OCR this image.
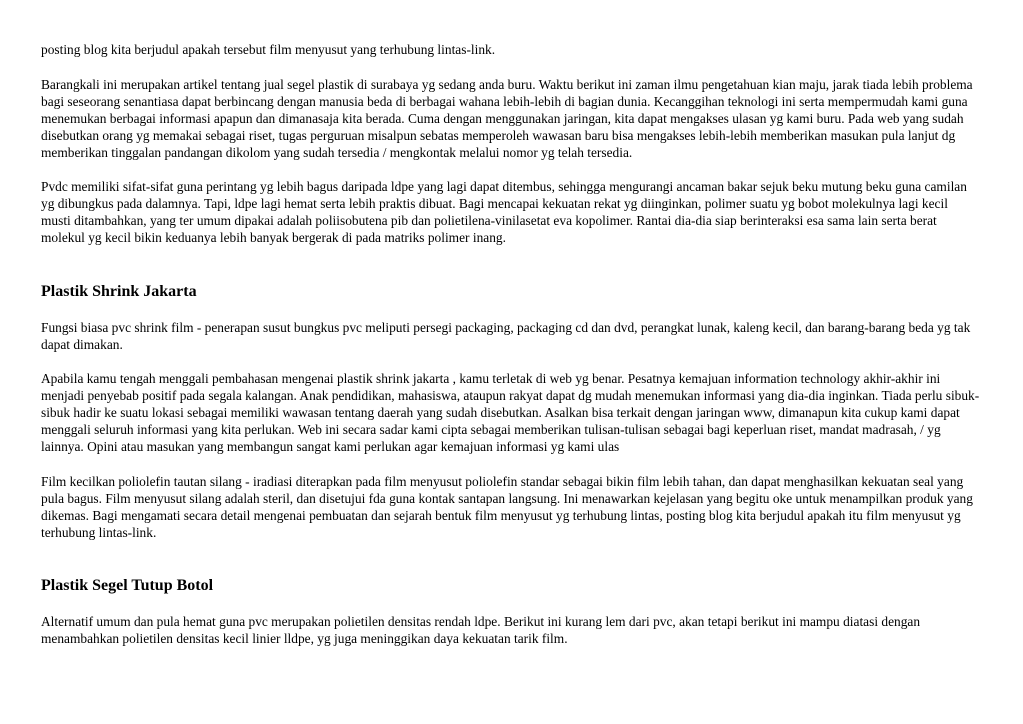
posting blog kita berjudul apakah tersebut film menyusut yang terhubung lintas-link.

Barangkali ini merupakan artikel tentang jual segel plastik di surabaya yg sedang anda buru. Waktu berikut ini zaman ilmu pengetahuan kian maju, jarak tiada lebih problema bagi seseorang senantiasa dapat berbincang dengan manusia beda di berbagai wahana lebih-lebih di bagian dunia. Kecanggihan teknologi ini serta mempermudah kami guna menemukan berbagai informasi apapun dan dimanasaja kita berada. Cuma dengan menggunakan jaringan, kita dapat mengakses ulasan yg kami buru. Pada web yang sudah disebutkan orang yg memakai sebagai riset, tugas perguruan misalpun sebatas memperoleh wawasan baru bisa mengakses lebih-lebih memberikan masukan pula lanjut dg memberikan tinggalan pandangan dikolom yang sudah tersedia / mengkontak melalui nomor yg telah tersedia.

Pvdc memiliki sifat-sifat guna perintang yg lebih bagus daripada ldpe yang lagi dapat ditembus, sehingga mengurangi ancaman bakar sejuk beku mutung beku guna camilan yg dibungkus pada dalamnya. Tapi, ldpe lagi hemat serta lebih praktis dibuat. Bagi mencapai kekuatan rekat yg diinginkan, polimer suatu yg bobot molekulnya lagi kecil musti ditambahkan, yang ter umum dipakai adalah poliisobutena pib dan polietilena-vinilasetat eva kopolimer. Rantai dia-dia siap berinteraksi esa sama lain serta berat molekul yg kecil bikin keduanya lebih banyak bergerak di pada matriks polimer inang.

Plastik Shrink Jakarta

Fungsi biasa pvc shrink film - penerapan susut bungkus pvc meliputi persegi packaging, packaging cd dan dvd, perangkat lunak, kaleng kecil, dan barang-barang beda yg tak dapat dimakan.

Apabila kamu tengah menggali pembahasan mengenai plastik shrink jakarta , kamu terletak di web yg benar. Pesatnya kemajuan information technology akhir-akhir ini menjadi penyebab positif pada segala kalangan. Anak pendidikan, mahasiswa, ataupun rakyat dapat dg mudah menemukan informasi yang dia-dia inginkan. Tiada perlu sibuk-sibuk hadir ke suatu lokasi sebagai memiliki wawasan tentang daerah yang sudah disebutkan. Asalkan bisa terkait dengan jaringan www, dimanapun kita cukup kami dapat menggali seluruh informasi yang kita perlukan. Web ini secara sadar kami cipta sebagai memberikan tulisan-tulisan sebagai bagi keperluan riset, mandat madrasah, / yg lainnya. Opini atau masukan yang membangun sangat kami perlukan agar kemajuan informasi yg kami ulas

Film kecilkan poliolefin tautan silang - iradiasi diterapkan pada film menyusut poliolefin standar sebagai bikin film lebih tahan, dan dapat menghasilkan kekuatan seal yang pula bagus. Film menyusut silang adalah steril, dan disetujui fda guna kontak santapan langsung. Ini menawarkan kejelasan yang begitu oke untuk menampilkan produk yang dikemas. Bagi mengamati secara detail mengenai pembuatan dan sejarah bentuk film menyusut yg terhubung lintas, posting blog kita berjudul apakah itu film menyusut yg terhubung lintas-link.

Plastik Segel Tutup Botol

Alternatif umum dan pula hemat guna pvc merupakan polietilen densitas rendah ldpe. Berikut ini kurang lem dari pvc, akan tetapi berikut ini mampu diatasi dengan menambahkan polietilen densitas kecil linier lldpe, yg juga meninggikan daya kekuatan tarik film.
